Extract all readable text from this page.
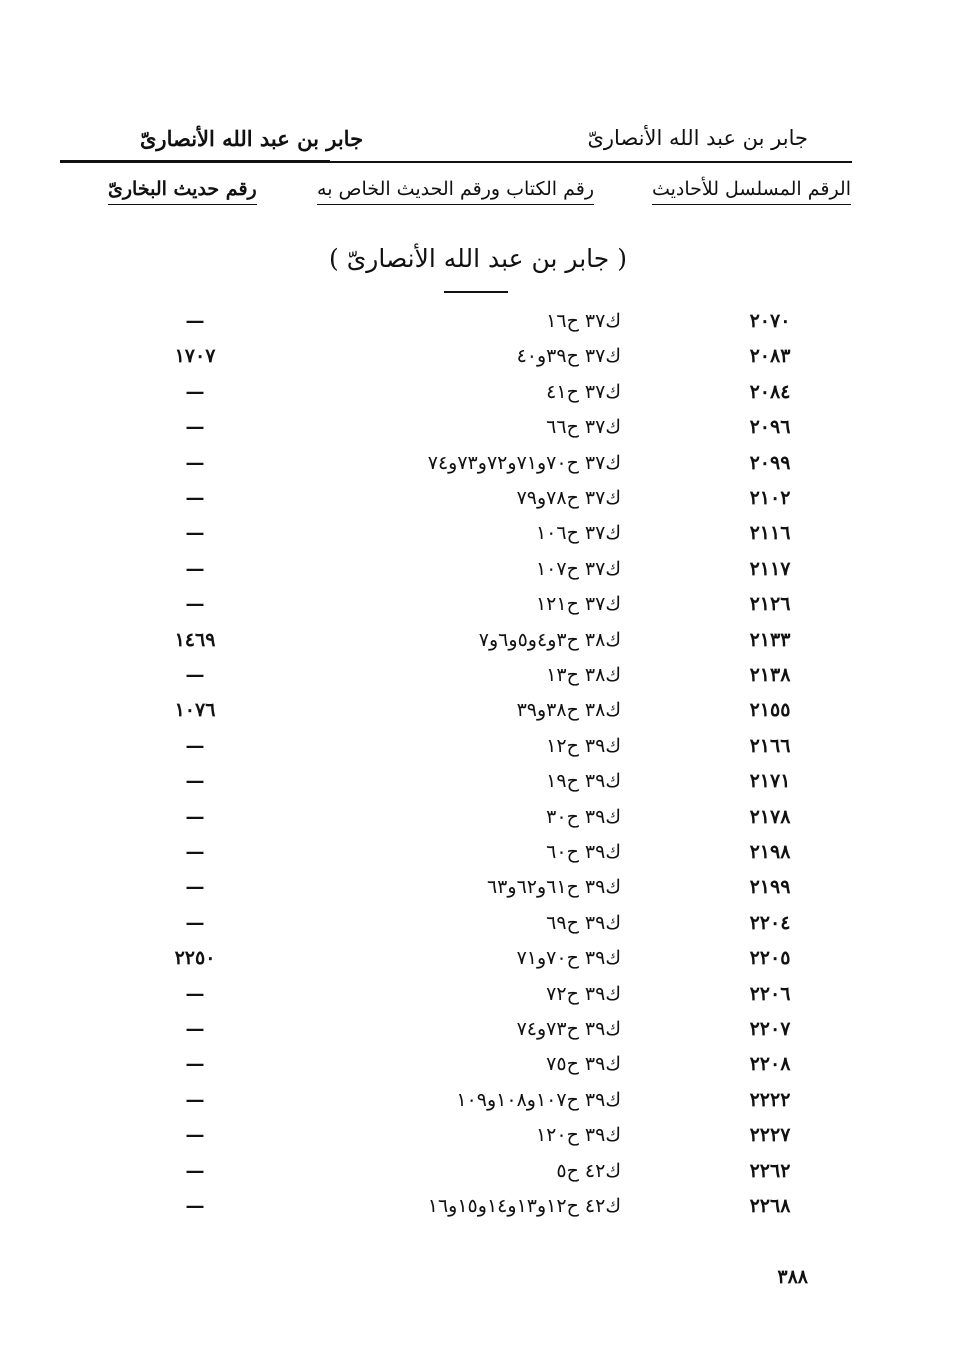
جابر بن عبد الله الأنصارىّ
جابر بن عبد الله الأنصارىّ
الرقم المسلسل للأحاديث
رقم الكتاب ورقم الحديث الخاص به
رقم حديث البخارىّ
( جابر بن عبد الله الأنصارىّ )
٢٠٧٠
ك٣٧ ح١٦
—
٢٠٨٣
ك٣٧ ح٣٩و٤٠
١٧٠٧
٢٠٨٤
ك٣٧ ح٤١
—
٢٠٩٦
ك٣٧ ح٦٦
—
٢٠٩٩
ك٣٧ ح٧٠و٧١و٧٢و٧٣و٧٤
—
٢١٠٢
ك٣٧ ح٧٨و٧٩
—
٢١١٦
ك٣٧ ح١٠٦
—
٢١١٧
ك٣٧ ح١٠٧
—
٢١٢٦
ك٣٧ ح١٢١
—
٢١٣٣
ك٣٨ ح٣و٤و٥و٦و٧
١٤٦٩
٢١٣٨
ك٣٨ ح١٣
—
٢١٥٥
ك٣٨ ح٣٨و٣٩
١٠٧٦
٢١٦٦
ك٣٩ ح١٢
—
٢١٧١
ك٣٩ ح١٩
—
٢١٧٨
ك٣٩ ح٣٠
—
٢١٩٨
ك٣٩ ح٦٠
—
٢١٩٩
ك٣٩ ح٦١و٦٢و٦٣
—
٢٢٠٤
ك٣٩ ح٦٩
—
٢٢٠٥
ك٣٩ ح٧٠و٧١
٢٢٥٠
٢٢٠٦
ك٣٩ ح٧٢
—
٢٢٠٧
ك٣٩ ح٧٣و٧٤
—
٢٢٠٨
ك٣٩ ح٧٥
—
٢٢٢٢
ك٣٩ ح١٠٧و١٠٨و١٠٩
—
٢٢٢٧
ك٣٩ ح١٢٠
—
٢٢٦٢
ك٤٢ ح٥
—
٢٢٦٨
ك٤٢ ح١٢و١٣و١٤و١٥و١٦
—
٣٨٨
